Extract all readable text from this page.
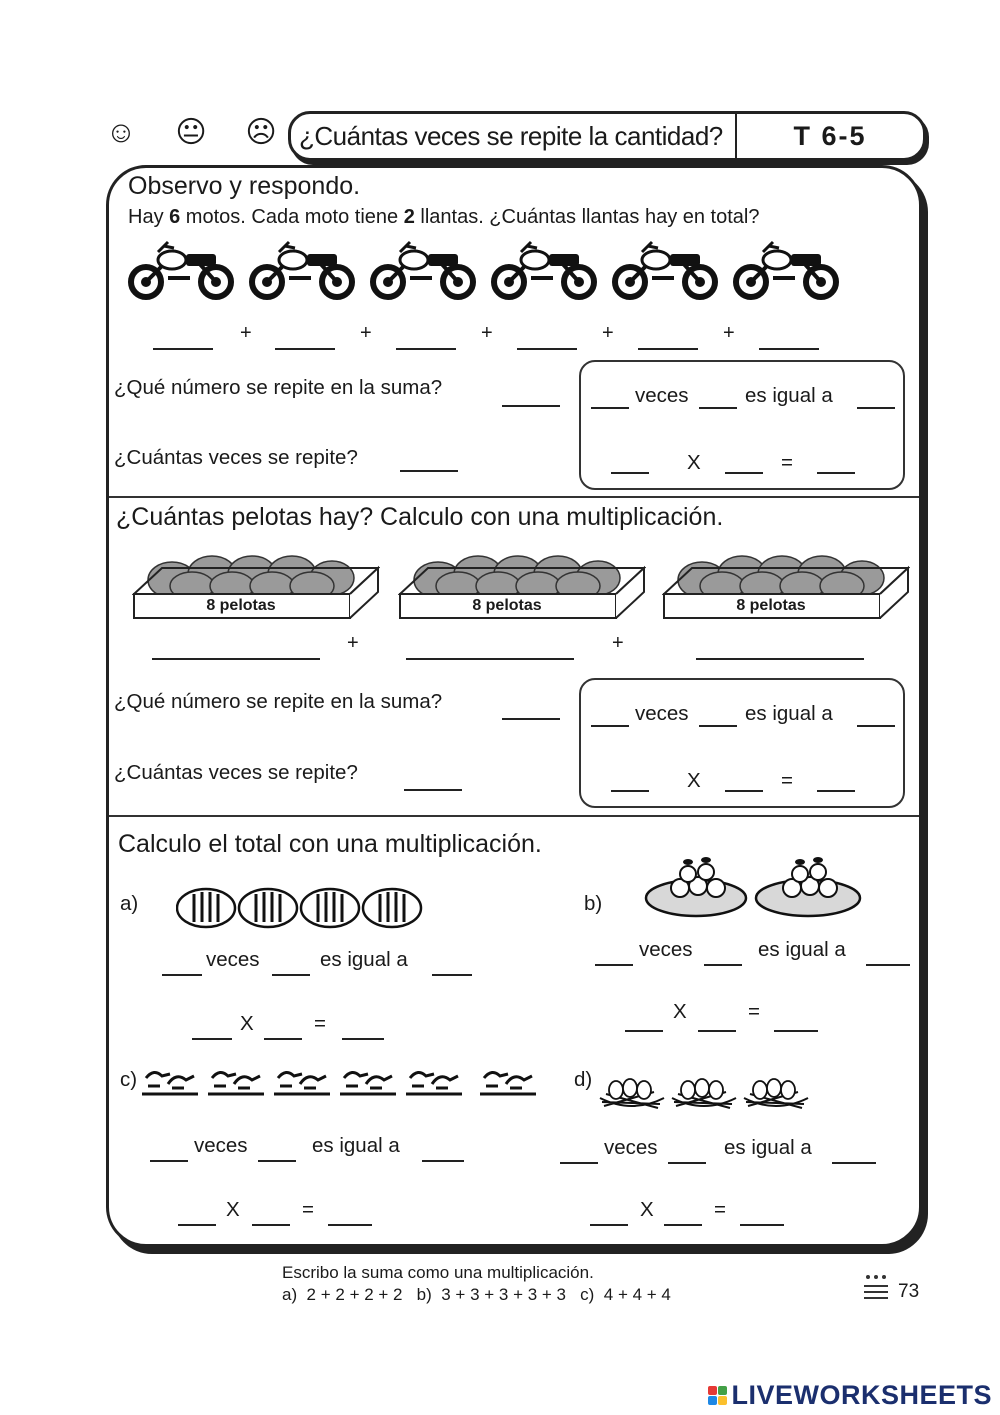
☺ 😐 ☹ ¿Cuántas veces se repite la cantidad?	T 6-5
Observo y respondo.
Hay 6 motos. Cada moto tiene 2 llantas. ¿Cuántas llantas hay en total?
+	+	+	+	+
¿Qué número se repite en la suma?
¿Cuántas veces se repite?
veces	es igual a
X	=
¿Cuántas pelotas hay? Calculo con una multiplicación.
8 pelotas	8 pelotas	8 pelotas
+	+
¿Qué número se repite en la suma?
¿Cuántas veces se repite?
veces	es igual a
X	=
Calculo el total con una multiplicación.
a)
veces	es igual a
X	=
b)
veces	es igual a
X	=
c)
veces	es igual a
X	=
d)
veces	es igual a
X	=
Escribo la suma como una multiplicación.
a)  2 + 2 + 2 + 2   b)  3 + 3 + 3 + 3 + 3   c)  4 + 4 + 4	73
LIVEWORKSHEETS
